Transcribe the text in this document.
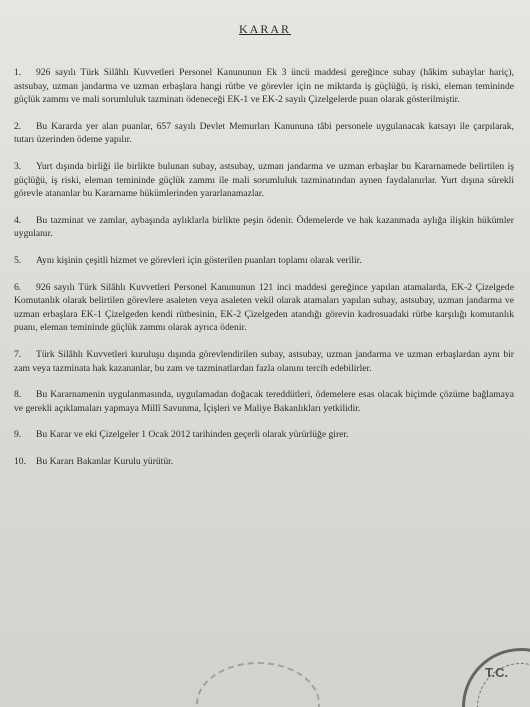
KARAR

1. 926 sayılı Türk Silâhlı Kuvvetleri Personel Kanununun Ek 3 üncü maddesi gereğince subay (hâkim subaylar hariç), astsubay, uzman jandarma ve uzman erbaşlara hangi rütbe ve görevler için ne miktarda iş güçlüğü, iş riski, eleman temininde güçlük zammı ve mali sorumluluk tazminatı ödeneceği EK-1 ve EK-2 sayılı Çizelgelerde puan olarak gösterilmiştir.

2. Bu Kararda yer alan puanlar, 657 sayılı Devlet Memurları Kanununa tâbi personele uygulanacak katsayı ile çarpılarak, tutarı üzerinden ödeme yapılır.

3. Yurt dışında birliği ile birlikte bulunan subay, astsubay, uzman jandarma ve uzman erbaşlar bu Kararnamede belirtilen iş güçlüğü, iş riski, eleman temininde güçlük zammı ile mali sorumluluk tazminatından aynen faydalanırlar. Yurt dışına sürekli görevle atananlar bu Kararname hükümlerinden yararlanamazlar.

4. Bu tazminat ve zamlar, aybaşında aylıklarla birlikte peşin ödenir. Ödemelerde ve hak kazanmada aylığa ilişkin hükümler uygulanır.

5. Aynı kişinin çeşitli hizmet ve görevleri için gösterilen puanları toplamı olarak verilir.

6. 926 sayılı Türk Silâhlı Kuvvetleri Personel Kanununun 121 inci maddesi gereğince yapılan atamalarda, EK-2 Çizelgede Komutanlık olarak belirtilen görevlere asaleten veya asaleten vekil olarak atamaları yapılan subay, astsubay, uzman jandarma ve uzman erbaşlara EK-1 Çizelgeden kendi rütbesinin, EK-2 Çizelgeden atandığı görevin kadrosuadaki rütbe karşılığı komutanlık puanı, eleman temininde güçlük zammı olarak ayrıca ödenir.

7. Türk Silâhlı Kuvvetleri kuruluşu dışında görevlendirilen subay, astsubay, uzman jandarma ve uzman erbaşlardan aynı bir zam veya tazminata hak kazananlar, bu zam ve tazminatlardan fazla olanını tercih edebilirler.

8. Bu Kararnamenin uygulanmasında, uygulamadan doğacak tereddütleri, ödemelere esas olacak biçimde çözüme bağlamaya ve gerekli açıklamaları yapmaya Millî Savunma, İçişleri ve Maliye Bakanlıkları yetkilidir.

9. Bu Karar ve eki Çizelgeler 1 Ocak 2012 tarihinden geçerli olarak yürürlüğe girer.

10. Bu Kararı Bakanlar Kurulu yürütür.

T.C.
